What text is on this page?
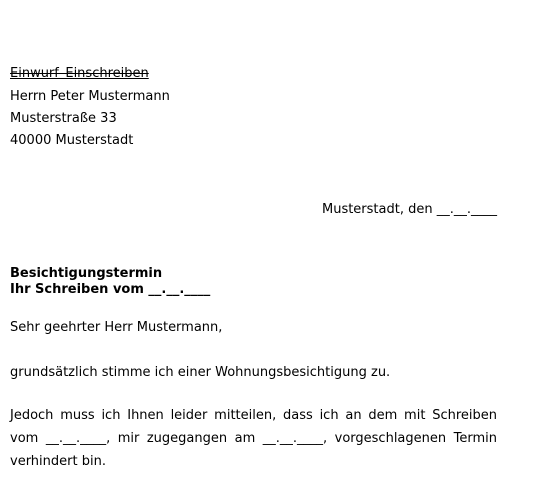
Einwurf–Einschreiben
Herrn Peter Mustermann
Musterstraße 33
40000 Musterstadt
Musterstadt, den __.__.____
Besichtigungstermin
Ihr Schreiben vom __.__.____
Sehr geehrter Herr Mustermann,
grundsätzlich stimme ich einer Wohnungsbesichtigung zu.
Jedoch muss ich Ihnen leider mitteilen, dass ich an dem mit Schreiben vom __.__.____, mir zugegangen am __.__.____, vorgeschlagenen Termin verhindert bin.
